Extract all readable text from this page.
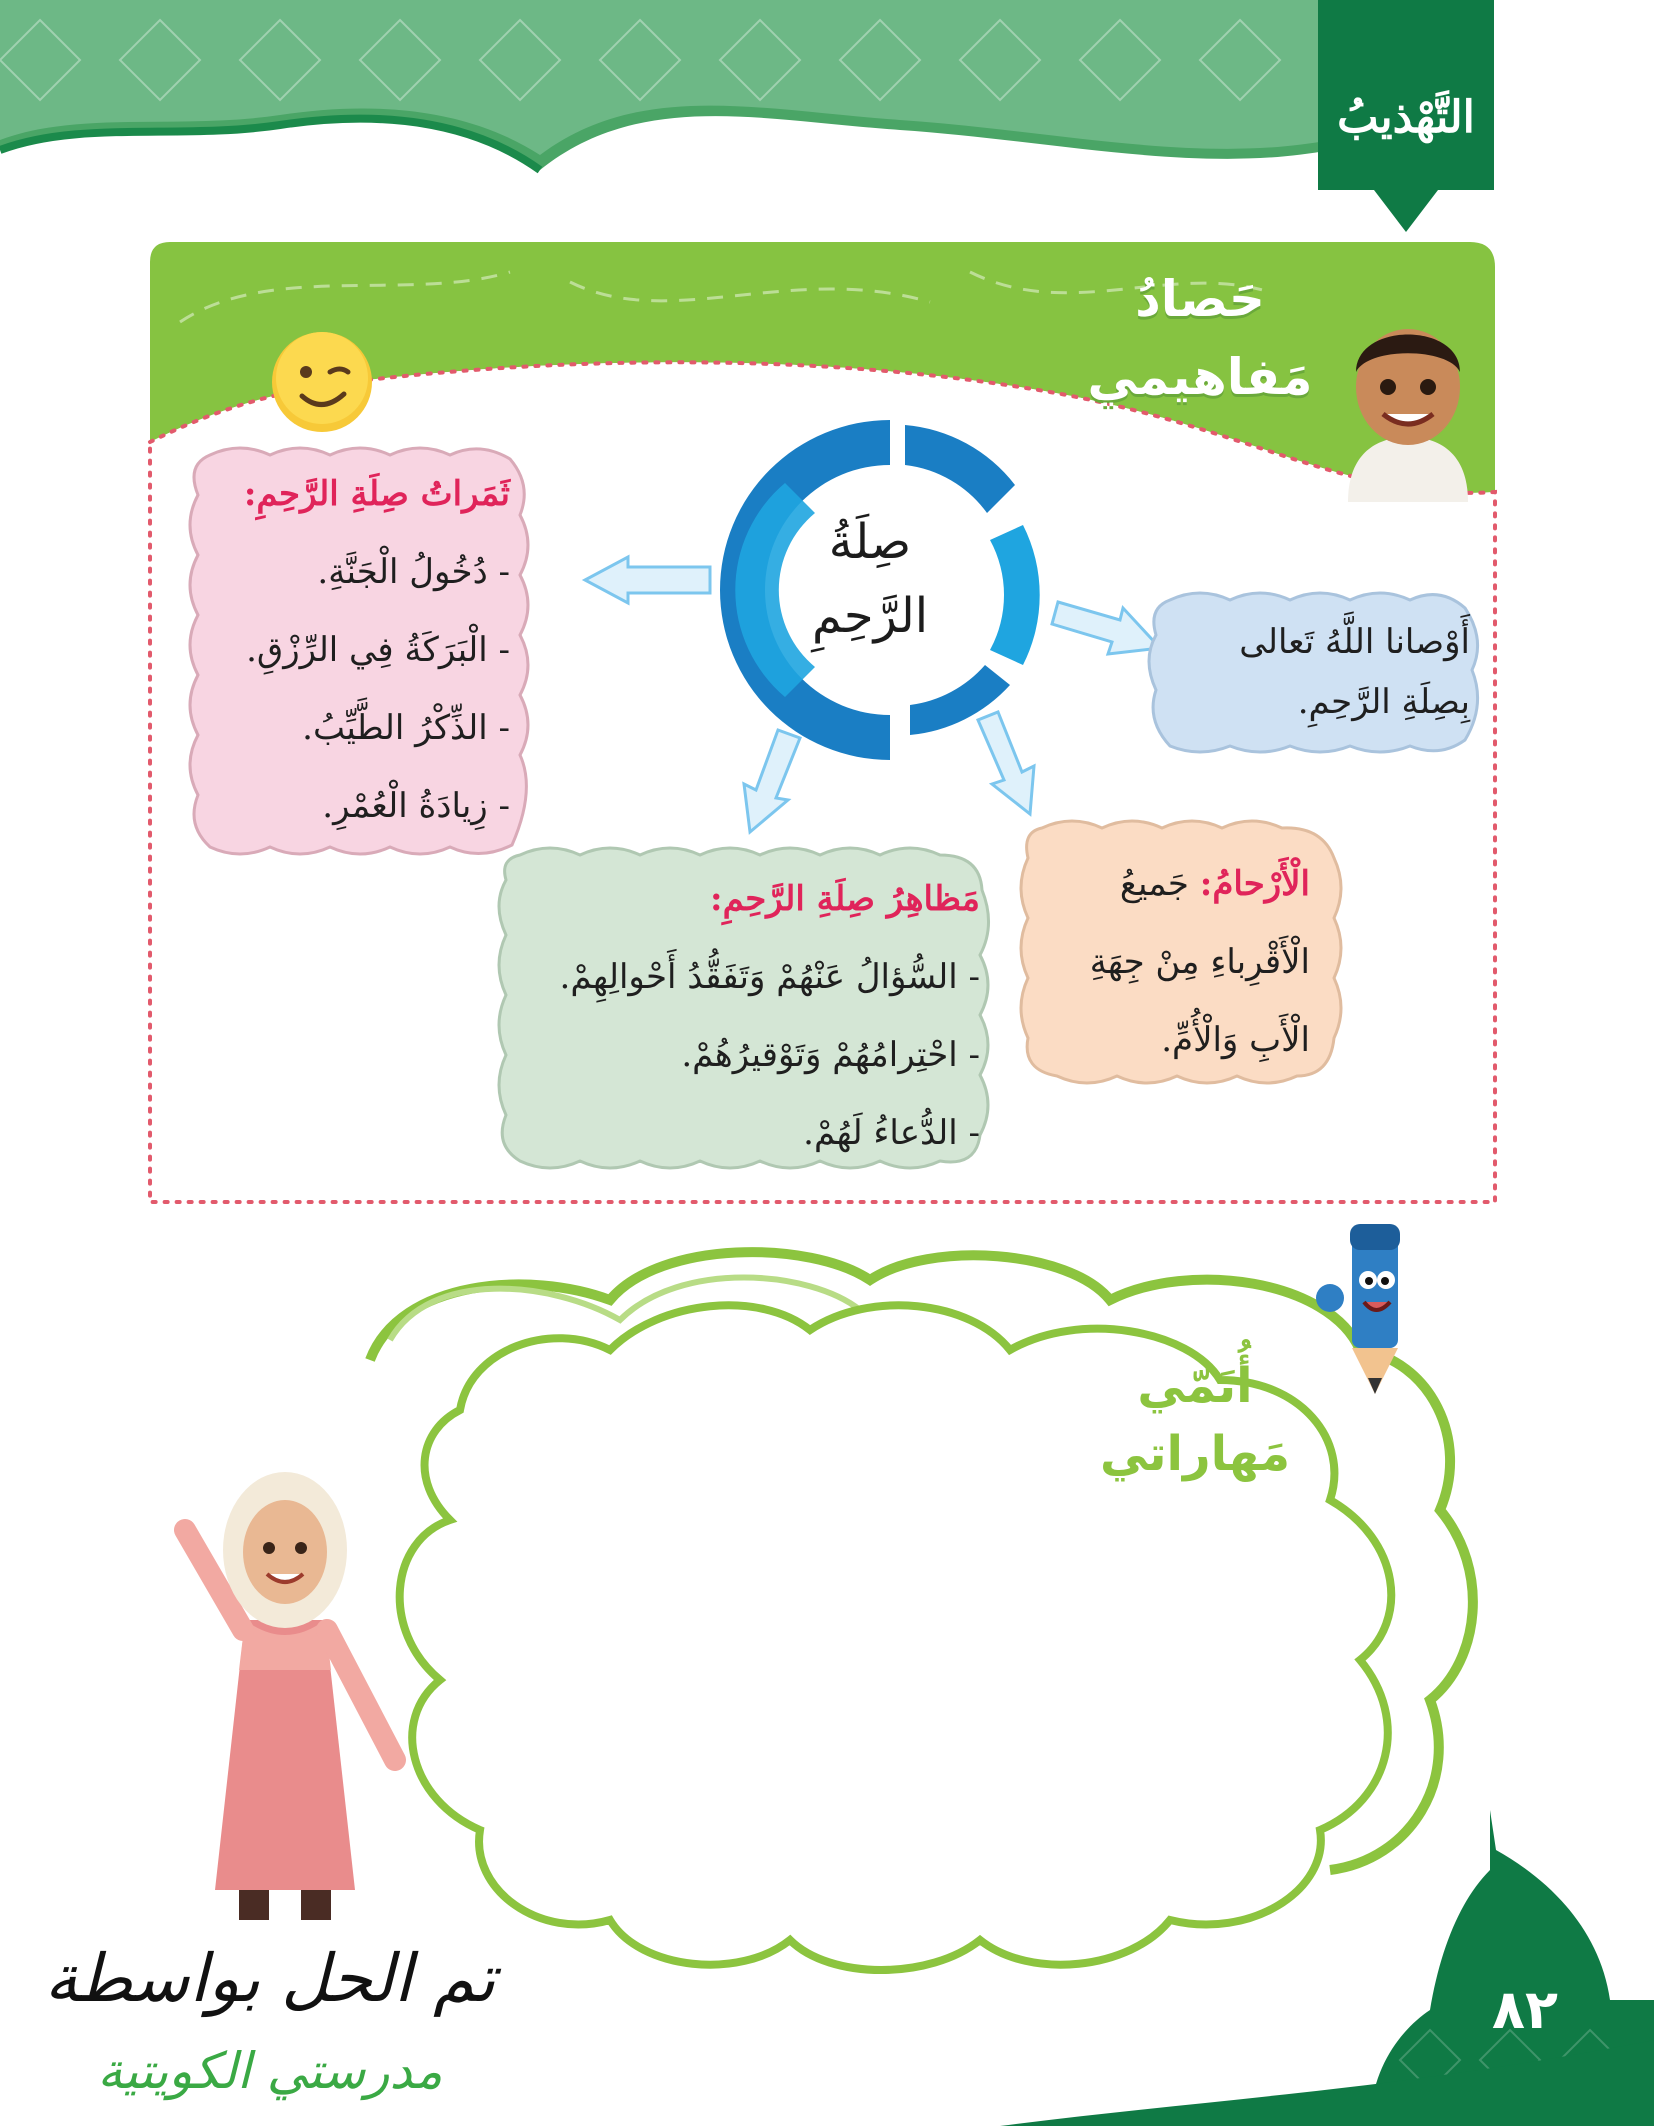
التَّهْذيبُ
حَصادُ
مَفاهيمي
صِلَةُ
الرَّحِمِ
ثَمَراتُ صِلَةِ الرَّحِمِ:
- دُخُولُ الْجَنَّةِ.
- الْبَرَكَةُ فِي الرِّزْقِ.
- الذِّكْرُ الطَّيِّبُ.
- زِيادَةُ الْعُمْرِ.
أَوْصانا اللَّهُ تَعالى
بِصِلَةِ الرَّحِمِ.
مَظاهِرُ صِلَةِ الرَّحِمِ:
- السُّؤالُ عَنْهُمْ وَتَفَقُّدُ أَحْوالِهِمْ.
- احْتِرامُهُمْ وَتَوْقيرُهُمْ.
- الدُّعاءُ لَهُمْ.
الْأَرْحامُ: جَميعُ
الْأَقْرِباءِ مِنْ جِهَةِ
الْأَبِ وَالْأُمِّ.
أُنَمّي
مَهاراتي
٨٢
تم الحل بواسطة
مدرستي الكويتية
